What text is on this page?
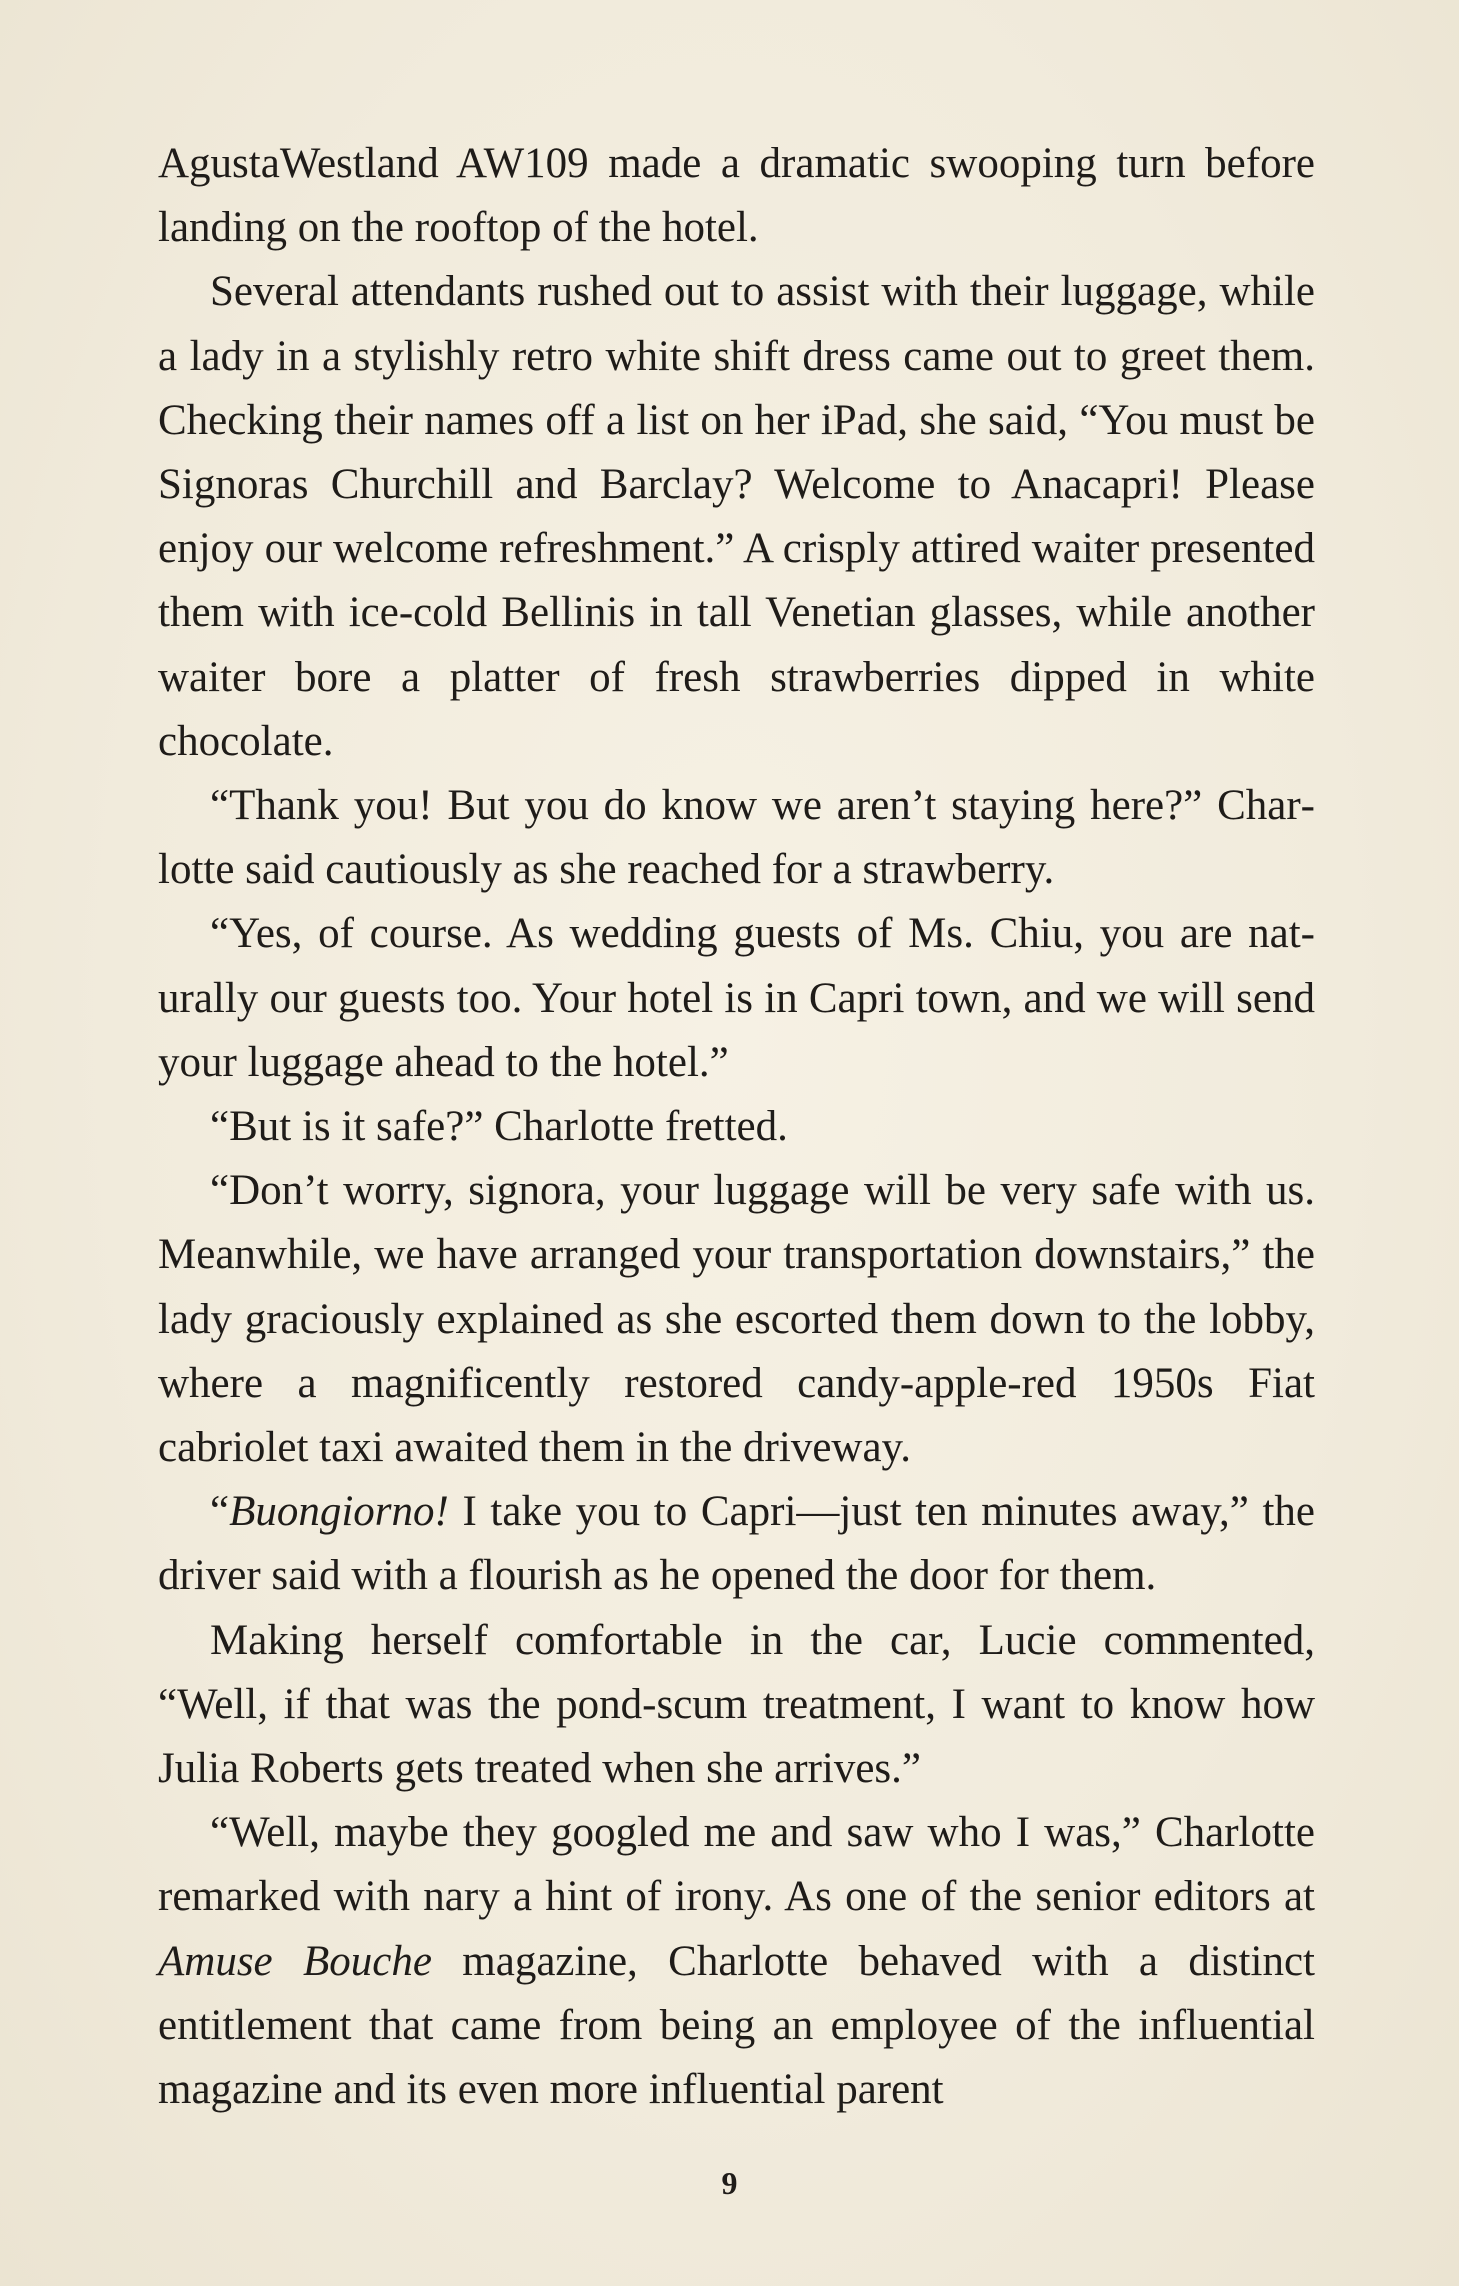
AgustaWestland AW109 made a dramatic swooping turn before landing on the rooftop of the hotel.

Several attendants rushed out to assist with their luggage, while a lady in a stylishly retro white shift dress came out to greet them. Checking their names off a list on her iPad, she said, “You must be Signoras Churchill and Barclay? Welcome to Anacapri! Please enjoy our welcome refreshment.” A crisply attired waiter presented them with ice-cold Bellinis in tall Venetian glasses, while another waiter bore a platter of fresh strawberries dipped in white chocolate.

“Thank you! But you do know we aren’t staying here?” Charlotte said cautiously as she reached for a strawberry.

“Yes, of course. As wedding guests of Ms. Chiu, you are naturally our guests too. Your hotel is in Capri town, and we will send your luggage ahead to the hotel.”

“But is it safe?” Charlotte fretted.

“Don’t worry, signora, your luggage will be very safe with us. Meanwhile, we have arranged your transportation downstairs,” the lady graciously explained as she escorted them down to the lobby, where a magnificently restored candy-apple-red 1950s Fiat cabriolet taxi awaited them in the driveway.

“Buongiorno! I take you to Capri—just ten minutes away,” the driver said with a flourish as he opened the door for them.

Making herself comfortable in the car, Lucie commented, “Well, if that was the pond-scum treatment, I want to know how Julia Roberts gets treated when she arrives.”

“Well, maybe they googled me and saw who I was,” Charlotte remarked with nary a hint of irony. As one of the senior editors at Amuse Bouche magazine, Charlotte behaved with a distinct entitlement that came from being an employee of the influential magazine and its even more influential parent

9
